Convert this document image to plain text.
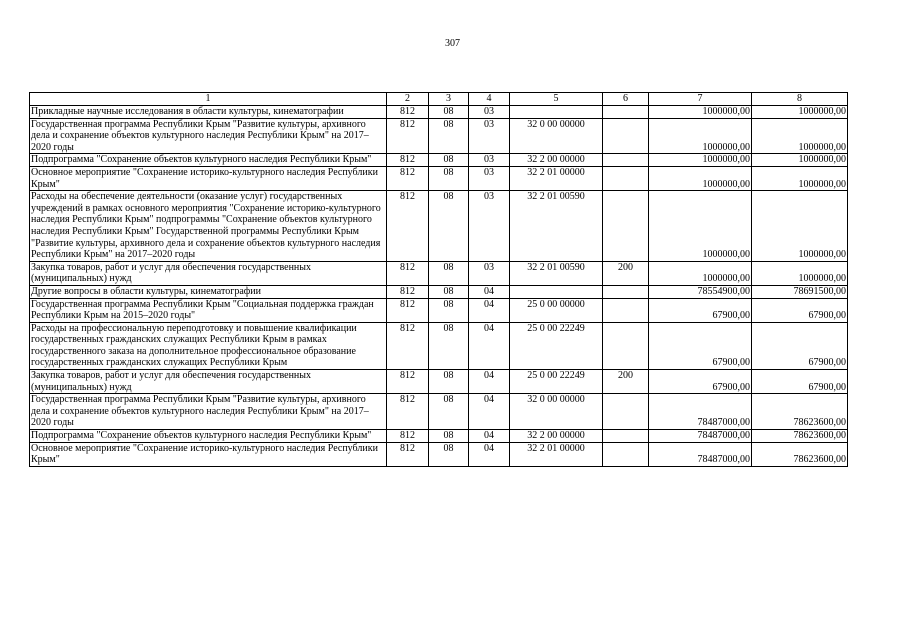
307
1	2	3	4	5	6	7	8
Прикладные научные исследования в области культуры, кинематографии	812	08	03			1000000,00	1000000,00
Государственная программа Республики Крым "Развитие культуры, архивного дела и сохранение объектов культурного наследия Республики Крым" на 2017–2020 годы	812	08	03	32 0 00 00000		1000000,00	1000000,00
Подпрограмма "Сохранение объектов культурного наследия Республики Крым"	812	08	03	32 2 00 00000		1000000,00	1000000,00
Основное мероприятие "Сохранение историко-культурного наследия Республики Крым"	812	08	03	32 2 01 00000		1000000,00	1000000,00
Расходы на обеспечение деятельности (оказание услуг) государственных учреждений в рамках основного мероприятия "Сохранение историко-культурного наследия Республики Крым" подпрограммы "Сохранение объектов культурного наследия Республики Крым" Государственной программы Республики Крым "Развитие культуры, архивного дела и сохранение объектов культурного наследия Республики Крым" на 2017–2020 годы	812	08	03	32 2 01 00590		1000000,00	1000000,00
Закупка товаров, работ и услуг для обеспечения государственных (муниципальных) нужд	812	08	03	32 2 01 00590	200	1000000,00	1000000,00
Другие вопросы в области культуры, кинематографии	812	08	04			78554900,00	78691500,00
Государственная программа Республики Крым "Социальная поддержка граждан Республики Крым на 2015–2020 годы"	812	08	04	25 0 00 00000		67900,00	67900,00
Расходы на профессиональную переподготовку и повышение квалификации государственных гражданских служащих Республики Крым в рамках государственного заказа на дополнительное профессиональное образование государственных гражданских служащих Республики Крым	812	08	04	25 0 00 22249		67900,00	67900,00
Закупка товаров, работ и услуг для обеспечения государственных (муниципальных) нужд	812	08	04	25 0 00 22249	200	67900,00	67900,00
Государственная программа Республики Крым "Развитие культуры, архивного дела и сохранение объектов культурного наследия Республики Крым" на 2017–2020 годы	812	08	04	32 0 00 00000		78487000,00	78623600,00
Подпрограмма "Сохранение объектов культурного наследия Республики Крым"	812	08	04	32 2 00 00000		78487000,00	78623600,00
Основное мероприятие "Сохранение историко-культурного наследия Республики Крым"	812	08	04	32 2 01 00000		78487000,00	78623600,00
